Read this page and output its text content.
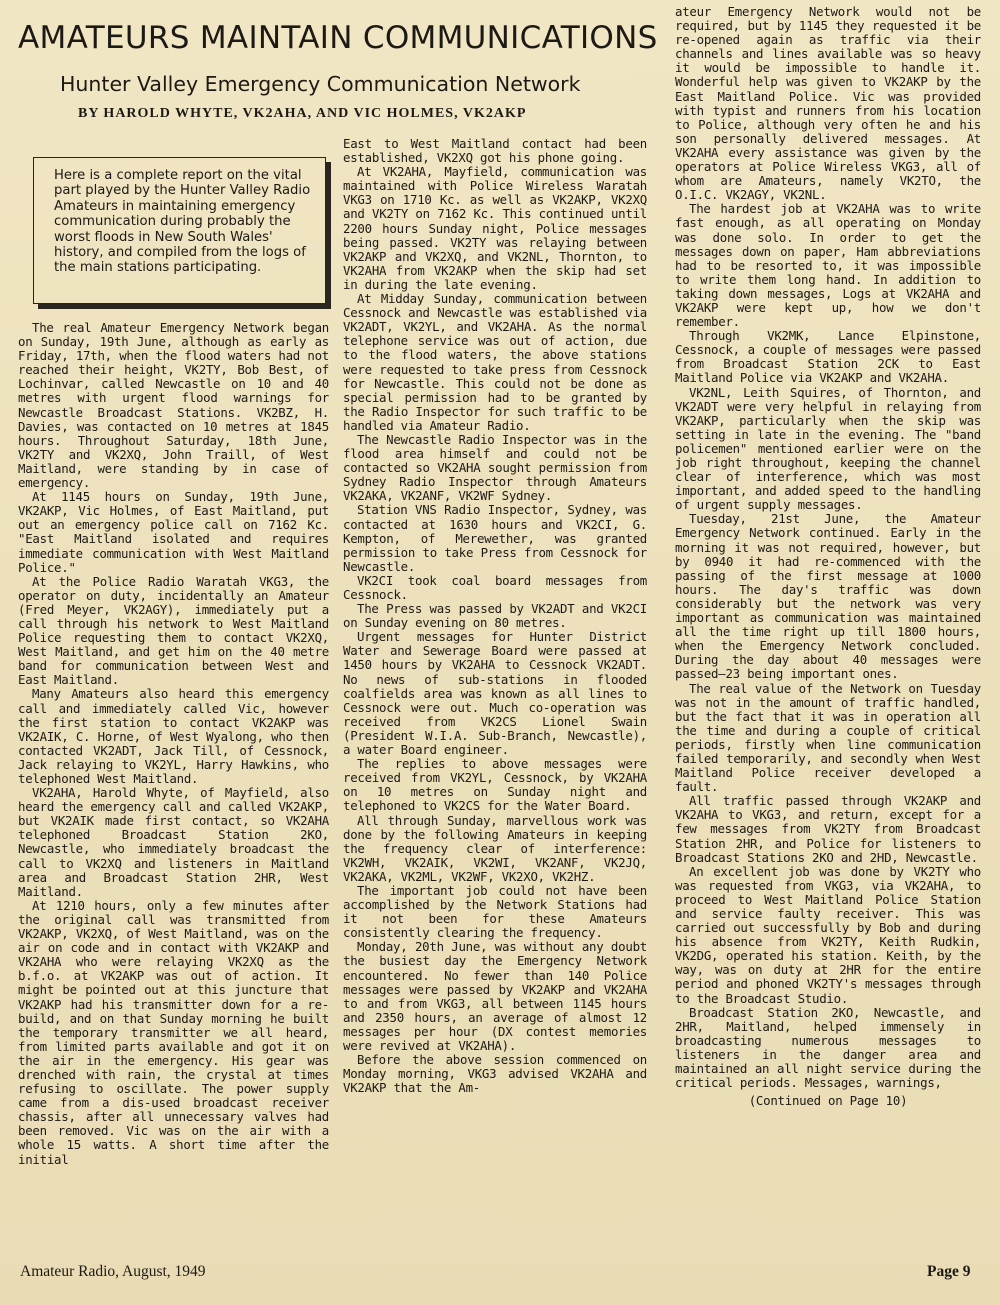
AMATEURS MAINTAIN COMMUNICATIONS
Hunter Valley Emergency Communication Network
BY HAROLD WHYTE, VK2AHA, AND VIC HOLMES, VK2AKP

Here is a complete report on the vital part played by the Hunter Valley Radio Amateurs in maintaining emergency communication during probably the worst floods in New South Wales' history, and compiled from the logs of the main stations participating.

The real Amateur Emergency Network began on Sunday, 19th June, although as early as Friday, 17th, when the flood waters had not reached their height, VK2TY, Bob Best, of Lochinvar, called Newcastle on 10 and 40 metres with urgent flood warnings for Newcastle Broadcast Stations. VK2BZ, H. Davies, was contacted on 10 metres at 1845 hours. Throughout Saturday, 18th June, VK2TY and VK2XQ, John Traill, of West Maitland, were standing by in case of emergency.

At 1145 hours on Sunday, 19th June, VK2AKP, Vic Holmes, of East Maitland, put out an emergency police call on 7162 Kc. "East Maitland isolated and requires immediate communication with West Maitland Police."

At the Police Radio Waratah VKG3, the operator on duty, incidentally an Amateur (Fred Meyer, VK2AGY), immediately put a call through his network to West Maitland Police requesting them to contact VK2XQ, West Maitland, and get him on the 40 metre band for communication between West and East Maitland.

Many Amateurs also heard this emergency call and immediately called Vic, however the first station to contact VK2AKP was VK2AIK, C. Horne, of West Wyalong, who then contacted VK2ADT, Jack Till, of Cessnock, Jack relaying to VK2YL, Harry Hawkins, who telephoned West Maitland.

VK2AHA, Harold Whyte, of Mayfield, also heard the emergency call and called VK2AKP, but VK2AIK made first contact, so VK2AHA telephoned Broadcast Station 2KO, Newcastle, who immediately broadcast the call to VK2XQ and listeners in Maitland area and Broadcast Station 2HR, West Maitland.

At 1210 hours, only a few minutes after the original call was transmitted from VK2AKP, VK2XQ, of West Maitland, was on the air on code and in contact with VK2AKP and VK2AHA who were relaying VK2XQ as the b.f.o. at VK2AKP was out of action. It might be pointed out at this juncture that VK2AKP had his transmitter down for a re-build, and on that Sunday morning he built the temporary transmitter we all heard, from limited parts available and got it on the air in the emergency. His gear was drenched with rain, the crystal at times refusing to oscillate. The power supply came from a dis-used broadcast receiver chassis, after all unnecessary valves had been removed. Vic was on the air with a whole 15 watts. A short time after the initial

East to West Maitland contact had been established, VK2XQ got his phone going.

At VK2AHA, Mayfield, communication was maintained with Police Wireless Waratah VKG3 on 1710 Kc. as well as VK2AKP, VK2XQ and VK2TY on 7162 Kc. This continued until 2200 hours Sunday night, Police messages being passed. VK2TY was relaying between VK2AKP and VK2XQ, and VK2NL, Thornton, to VK2AHA from VK2AKP when the skip had set in during the late evening.

At Midday Sunday, communication between Cessnock and Newcastle was established via VK2ADT, VK2YL, and VK2AHA. As the normal telephone service was out of action, due to the flood waters, the above stations were requested to take press from Cessnock for Newcastle. This could not be done as special permission had to be granted by the Radio Inspector for such traffic to be handled via Amateur Radio.

The Newcastle Radio Inspector was in the flood area himself and could not be contacted so VK2AHA sought permission from Sydney Radio Inspector through Amateurs VK2AKA, VK2ANF, VK2WF Sydney.

Station VNS Radio Inspector, Sydney, was contacted at 1630 hours and VK2CI, G. Kempton, of Merewether, was granted permission to take Press from Cessnock for Newcastle.

VK2CI took coal board messages from Cessnock.

The Press was passed by VK2ADT and VK2CI on Sunday evening on 80 metres.

Urgent messages for Hunter District Water and Sewerage Board were passed at 1450 hours by VK2AHA to Cessnock VK2ADT. No news of sub-stations in flooded coalfields area was known as all lines to Cessnock were out. Much co-operation was received from VK2CS Lionel Swain (President W.I.A. Sub-Branch, Newcastle), a water Board engineer.

The replies to above messages were received from VK2YL, Cessnock, by VK2AHA on 10 metres on Sunday night and telephoned to VK2CS for the Water Board.

All through Sunday, marvellous work was done by the following Amateurs in keeping the frequency clear of interference: VK2WH, VK2AIK, VK2WI, VK2ANF, VK2JQ, VK2AKA, VK2ML, VK2WF, VK2XO, VK2HZ.

The important job could not have been accomplished by the Network Stations had it not been for these Amateurs consistently clearing the frequency.

Monday, 20th June, was without any doubt the busiest day the Emergency Network encountered. No fewer than 140 Police messages were passed by VK2AKP and VK2AHA to and from VKG3, all between 1145 hours and 2350 hours, an average of almost 12 messages per hour (DX contest memories were revived at VK2AHA).

Before the above session commenced on Monday morning, VKG3 advised VK2AHA and VK2AKP that the Am-

ateur Emergency Network would not be required, but by 1145 they requested it be re-opened again as traffic via their channels and lines available was so heavy it would be impossible to handle it. Wonderful help was given to VK2AKP by the East Maitland Police. Vic was provided with typist and runners from his location to Police, although very often he and his son personally delivered messages. At VK2AHA every assistance was given by the operators at Police Wireless VKG3, all of whom are Amateurs, namely VK2TO, the O.I.C. VK2AGY, VK2NL.

The hardest job at VK2AHA was to write fast enough, as all operating on Monday was done solo. In order to get the messages down on paper, Ham abbreviations had to be resorted to, it was impossible to write them long hand. In addition to taking down messages, Logs at VK2AHA and VK2AKP were kept up, how we don't remember.

Through VK2MK, Lance Elpinstone, Cessnock, a couple of messages were passed from Broadcast Station 2CK to East Maitland Police via VK2AKP and VK2AHA.

VK2NL, Leith Squires, of Thornton, and VK2ADT were very helpful in relaying from VK2AKP, particularly when the skip was setting in late in the evening. The "band policemen" mentioned earlier were on the job right throughout, keeping the channel clear of interference, which was most important, and added speed to the handling of urgent supply messages.

Tuesday, 21st June, the Amateur Emergency Network continued. Early in the morning it was not required, however, but by 0940 it had re-commenced with the passing of the first message at 1000 hours. The day's traffic was down considerably but the network was very important as communication was maintained all the time right up till 1800 hours, when the Emergency Network concluded. During the day about 40 messages were passed—23 being important ones.

The real value of the Network on Tuesday was not in the amount of traffic handled, but the fact that it was in operation all the time and during a couple of critical periods, firstly when line communication failed temporarily, and secondly when West Maitland Police receiver developed a fault.

All traffic passed through VK2AKP and VK2AHA to VKG3, and return, except for a few messages from VK2TY from Broadcast Station 2HR, and Police for listeners to Broadcast Stations 2KO and 2HD, Newcastle.

An excellent job was done by VK2TY who was requested from VKG3, via VK2AHA, to proceed to West Maitland Police Station and service faulty receiver. This was carried out successfully by Bob and during his absence from VK2TY, Keith Rudkin, VK2DG, operated his station. Keith, by the way, was on duty at 2HR for the entire period and phoned VK2TY's messages through to the Broadcast Studio.

Broadcast Station 2KO, Newcastle, and 2HR, Maitland, helped immensely in broadcasting numerous messages to listeners in the danger area and maintained an all night service during the critical periods. Messages, warnings,

(Continued on Page 10)

Amateur Radio, August, 1949	Page 9
